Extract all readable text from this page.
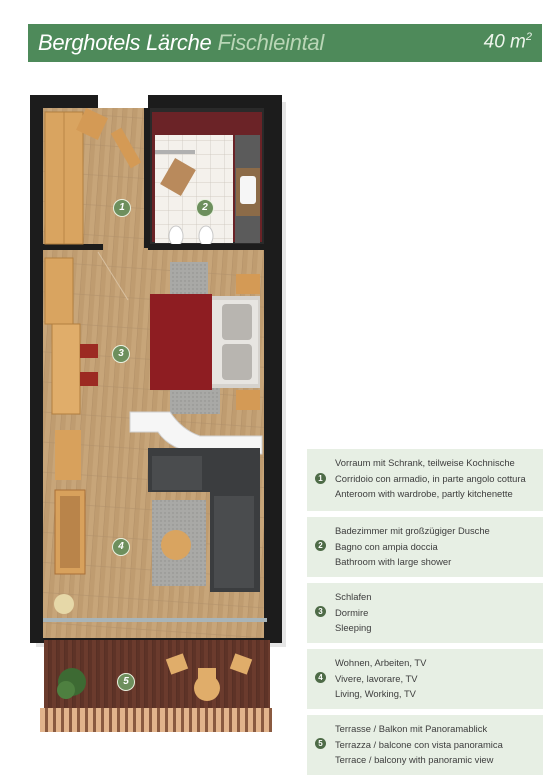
Berghotels Lärche Fischleintal	40 $m^2$
1	2
3
4
5
1
Vorraum mit Schrank, teilweise Kochnische
Corridoio con armadio, in parte angolo cottura
Anteroom with wardrobe, partly kitchenette
2
Badezimmer mit großzügiger Dusche
Bagno con ampia doccia
Bathroom with large shower
3
Schlafen
Dormire
Sleeping
4
Wohnen, Arbeiten, TV
Vivere, lavorare, TV
Living, Working, TV
5
Terrasse / Balkon mit Panoramablick
Terrazza / balcone con vista panoramica
Terrace / balcony with panoramic view
